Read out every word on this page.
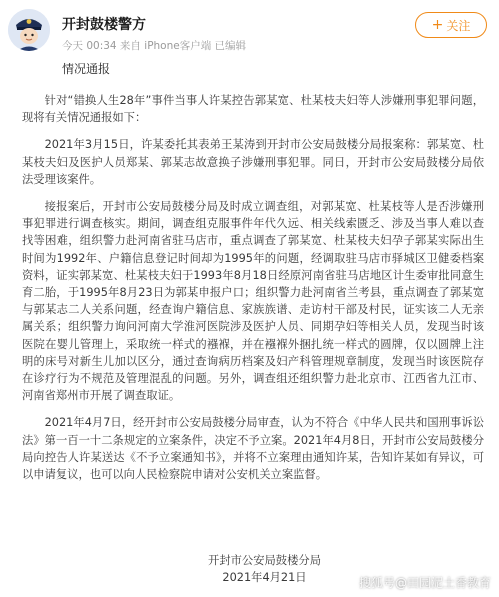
开封鼓楼警方
今天 00:34 来自 iPhone客户端 已编辑
+ 关注
情况通报

针对“错换人生28年”事件当事人许某控告郭某宽、杜某枝夫妇等人涉嫌刑事犯罪问题，现将有关情况通报如下：

2021年3月15日，许某委托其表弟王某涛到开封市公安局鼓楼分局报案称：郭某宽、杜某枝夫妇及医护人员郑某、郭某志故意换子涉嫌刑事犯罪。同日，开封市公安局鼓楼分局依法受理该案件。

接报案后，开封市公安局鼓楼分局及时成立调查组，对郭某宽、杜某枝等人是否涉嫌刑事犯罪进行调查核实。期间，调查组克服事件年代久远、相关线索匮乏、涉及当事人难以查找等困难，组织警力赴河南省驻马店市，重点调查了郭某宽、杜某枝夫妇孕子郭某实际出生时间为1992年、户籍信息登记时间却为1995年的问题，经调取驻马店市驿城区卫健委档案资料，证实郭某宽、杜某枝夫妇于1993年8月18日经原河南省驻马店地区计生委审批同意生育二胎，于1995年8月23日为郭某申报户口；组织警力赴河南省兰考县，重点调查了郭某宽与郭某志二人关系问题，经查询户籍信息、家族族谱、走访村干部及村民，证实该二人无亲属关系；组织警力询问河南大学淮河医院涉及医护人员、同期孕妇等相关人员，发现当时该医院在婴儿管理上，采取统一样式的襁褓，并在襁褓外捆扎统一样式的圆牌，仅以圆牌上注明的床号对新生儿加以区分，通过查询病历档案及妇产科管理规章制度，发现当时该医院存在诊疗行为不规范及管理混乱的问题。另外，调查组还组织警力赴北京市、江西省九江市、河南省郑州市开展了调查取证。

2021年4月7日，经开封市公安局鼓楼分局审查，认为不符合《中华人民共和国刑事诉讼法》第一百一十二条规定的立案条件，决定不予立案。2021年4月8日，开封市公安局鼓楼分局向控告人许某送达《不予立案通知书》，并将不立案理由通知许某，告知许某如有异议，可以申请复议，也可以向人民检察院申请对公安机关立案监督。

开封市公安局鼓楼分局
2021年4月21日	搜狐号@田园泥土香教育
